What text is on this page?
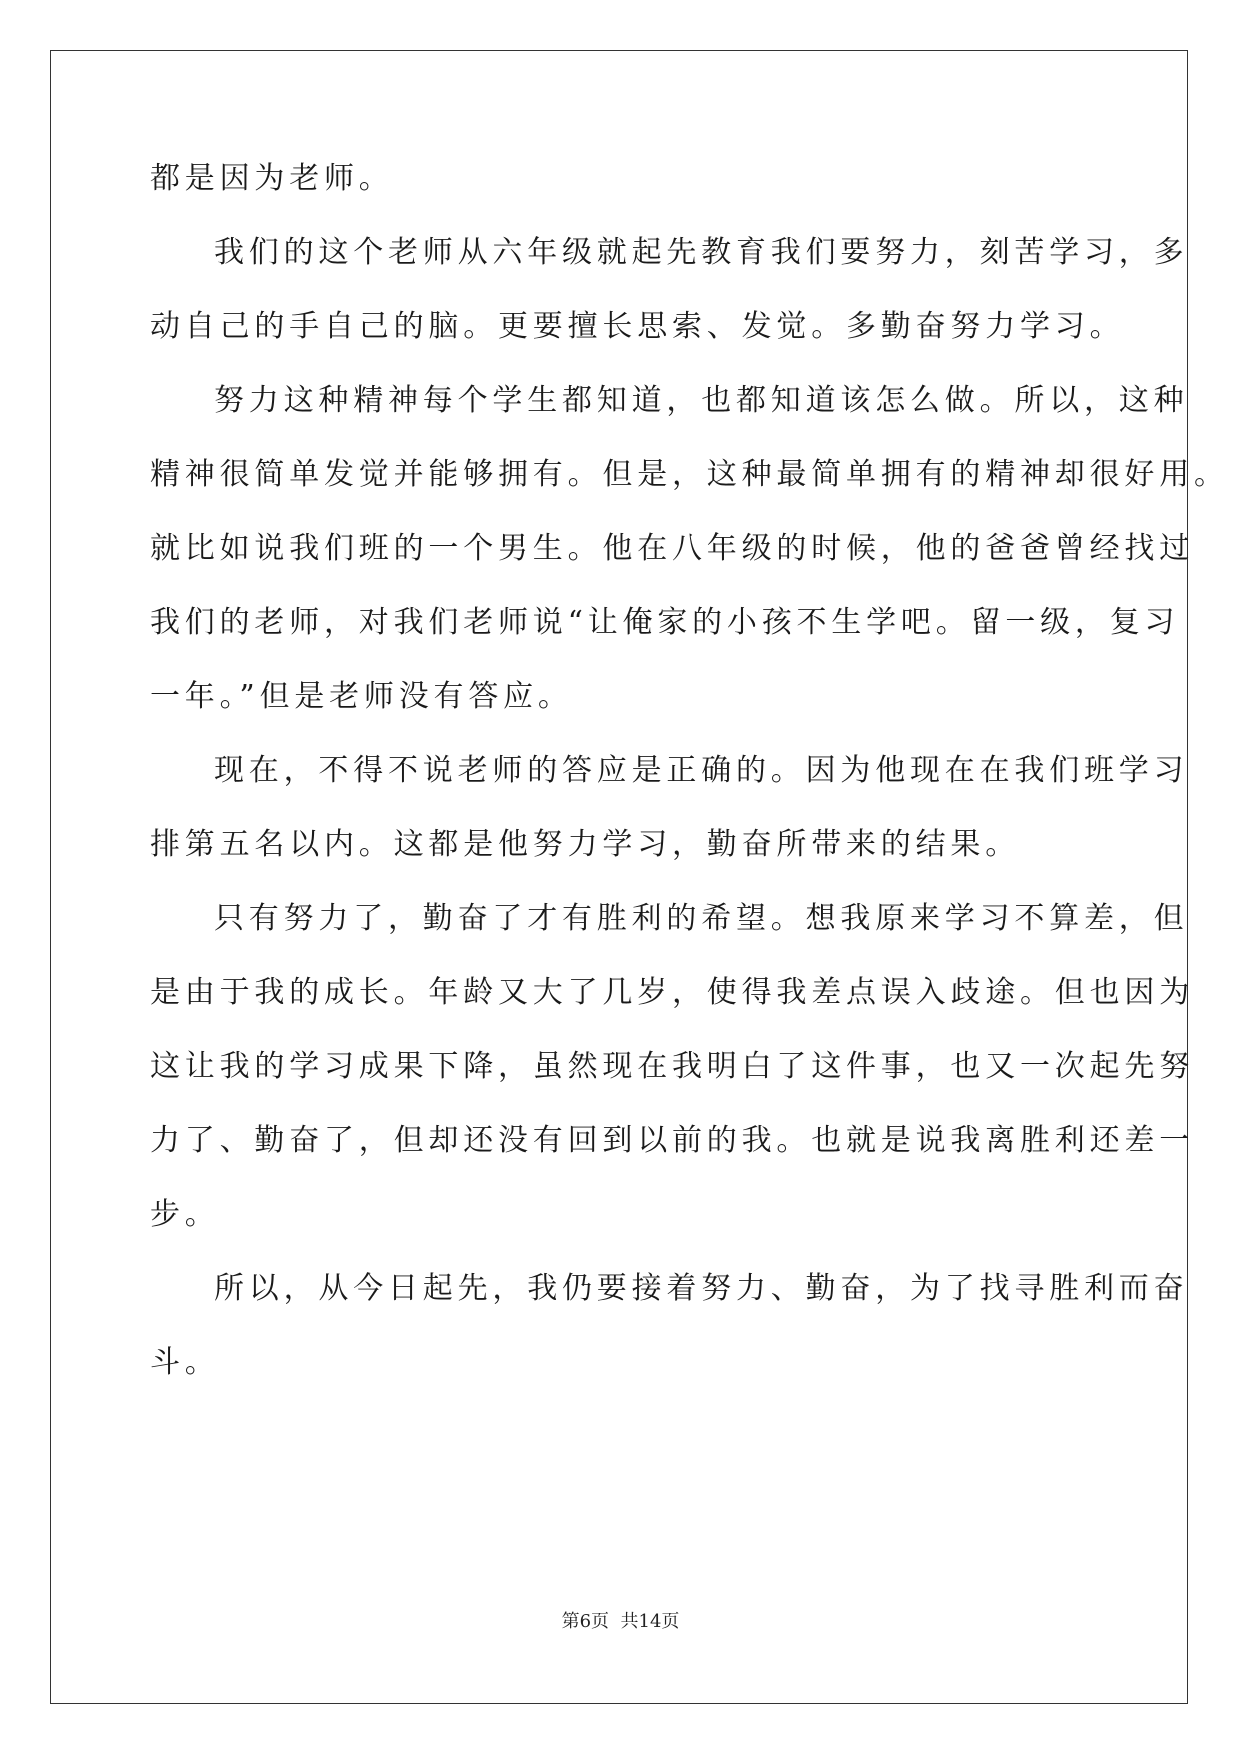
都是因为老师。
我们的这个老师从六年级就起先教育我们要努力，刻苦学习，多
动自己的手自己的脑。更要擅长思索、发觉。多勤奋努力学习。
努力这种精神每个学生都知道，也都知道该怎么做。所以，这种
精神很简单发觉并能够拥有。但是，这种最简单拥有的精神却很好用。
就比如说我们班的一个男生。他在八年级的时候，他的爸爸曾经找过
我们的老师，对我们老师说“让俺家的小孩不生学吧。留一级，复习
一年。”但是老师没有答应。
现在，不得不说老师的答应是正确的。因为他现在在我们班学习
排第五名以内。这都是他努力学习，勤奋所带来的结果。
只有努力了，勤奋了才有胜利的希望。想我原来学习不算差，但
是由于我的成长。年龄又大了几岁，使得我差点误入歧途。但也因为
这让我的学习成果下降，虽然现在我明白了这件事，也又一次起先努
力了、勤奋了，但却还没有回到以前的我。也就是说我离胜利还差一
步。
所以，从今日起先，我仍要接着努力、勤奋，为了找寻胜利而奋
斗。
第6页  共14页
